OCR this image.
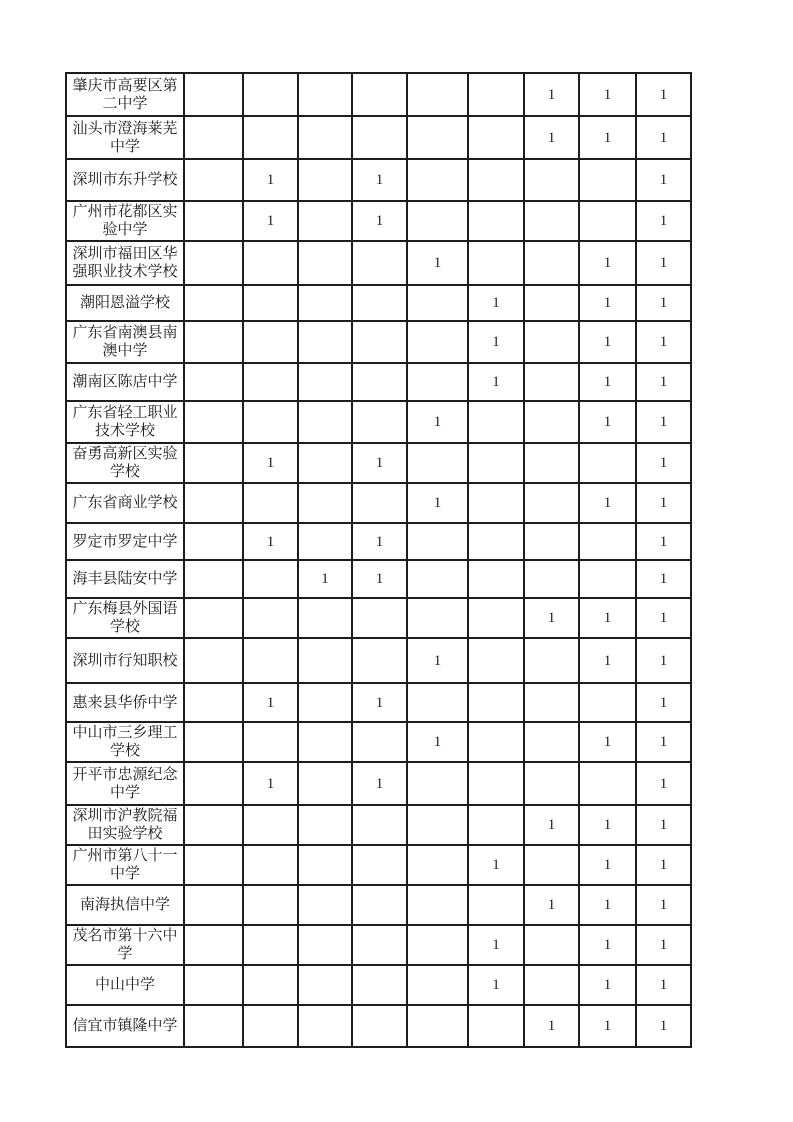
肇庆市高要区第二中学							1	1	1
汕头市澄海莱芜中学							1	1	1
深圳市东升学校		1		1					1
广州市花都区实验中学		1		1					1
深圳市福田区华强职业技术学校					1			1	1
潮阳恩溢学校						1		1	1
广东省南澳县南澳中学						1		1	1
潮南区陈店中学						1		1	1
广东省轻工职业技术学校					1			1	1
奋勇高新区实验学校		1		1					1
广东省商业学校					1			1	1
罗定市罗定中学		1		1					1
海丰县陆安中学			1	1					1
广东梅县外国语学校							1	1	1
深圳市行知职校					1			1	1
惠来县华侨中学		1		1					1
中山市三乡理工学校					1			1	1
开平市忠源纪念中学		1		1					1
深圳市沪教院福田实验学校							1	1	1
广州市第八十一中学						1		1	1
南海执信中学							1	1	1
茂名市第十六中学						1		1	1
中山中学						1		1	1
信宜市镇隆中学							1	1	1
